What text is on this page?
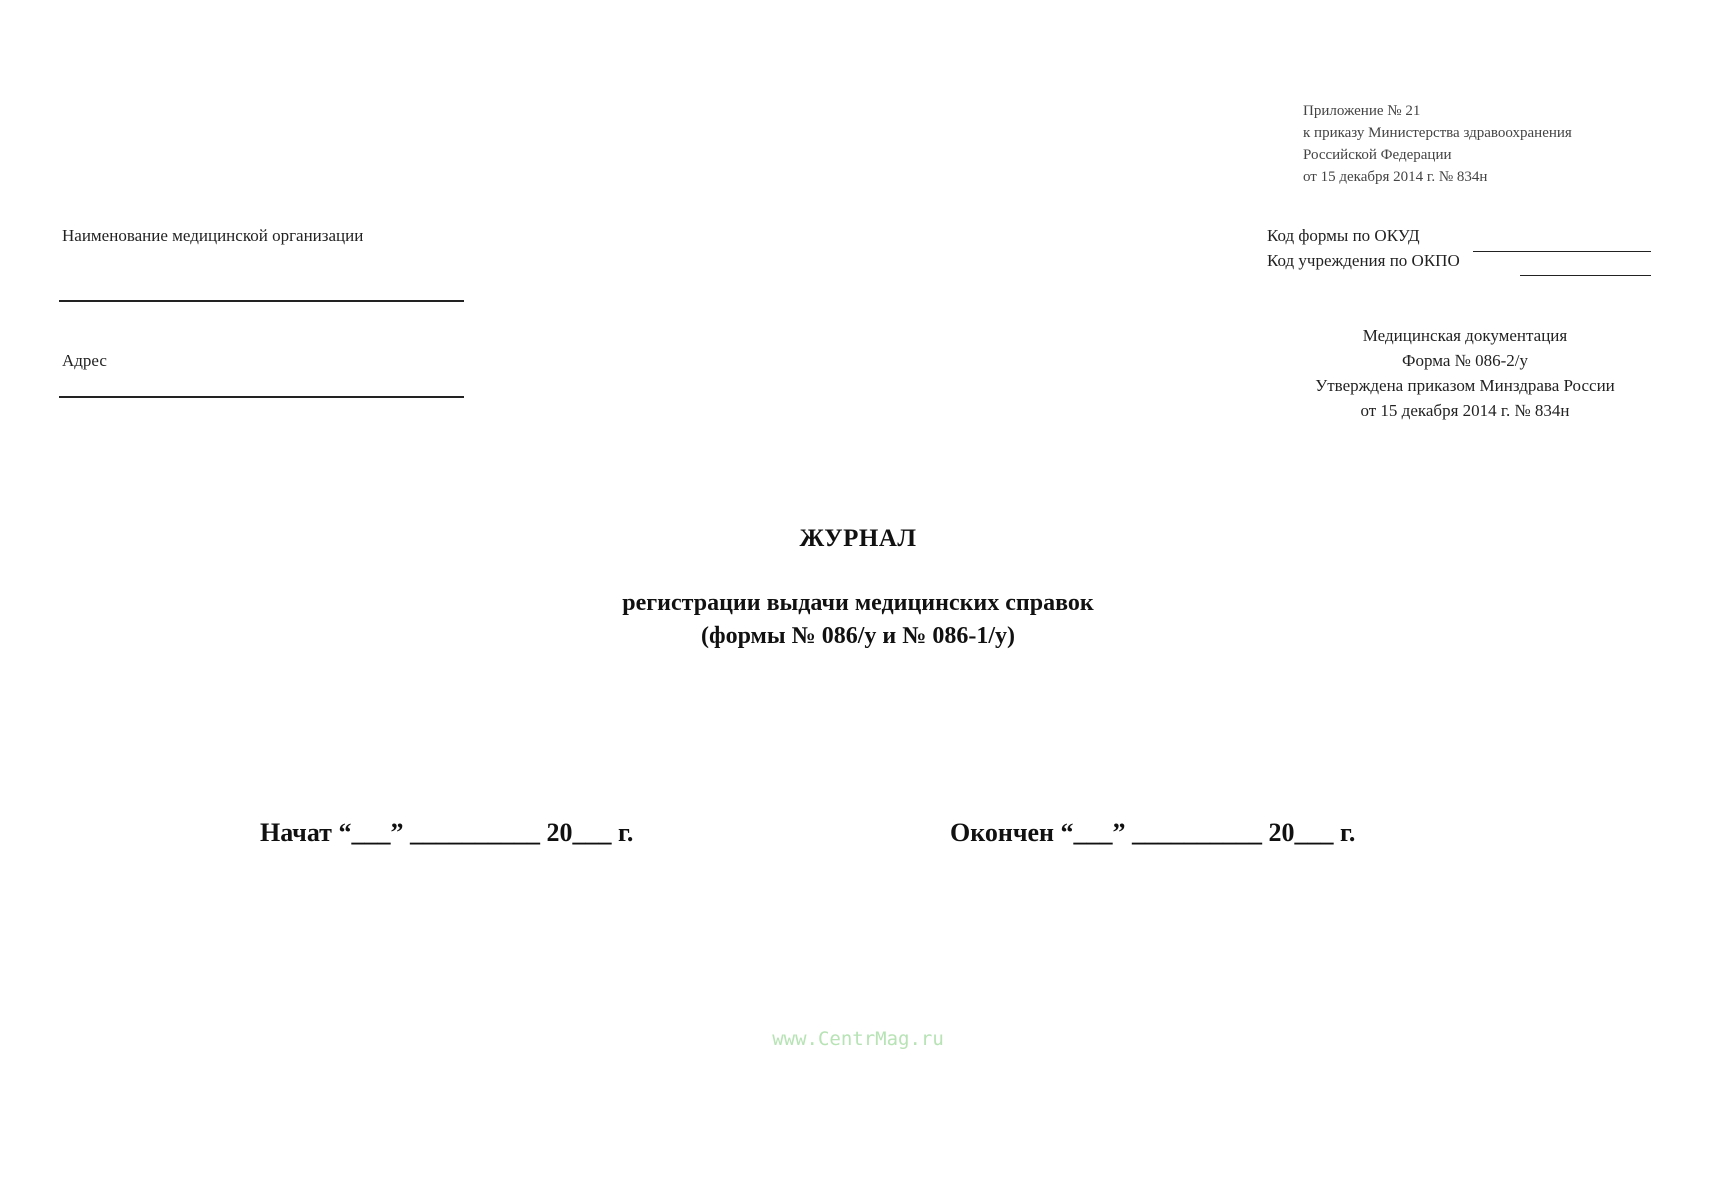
Приложение № 21
к приказу Министерства здравоохранения
Российской Федерации
от 15 декабря 2014 г. № 834н
Наименование медицинской организации
Адрес
Код формы по ОКУД
Код учреждения по ОКПО
Медицинская документация
Форма № 086-2/у
Утверждена приказом Минздрава России
от 15 декабря 2014 г. № 834н
ЖУРНАЛ
регистрации выдачи медицинских справок
(формы № 086/у и № 086-1/у)
Начат “___” __________ 20___ г.	Окончен “___” __________ 20___ г.
www.CentrMag.ru
